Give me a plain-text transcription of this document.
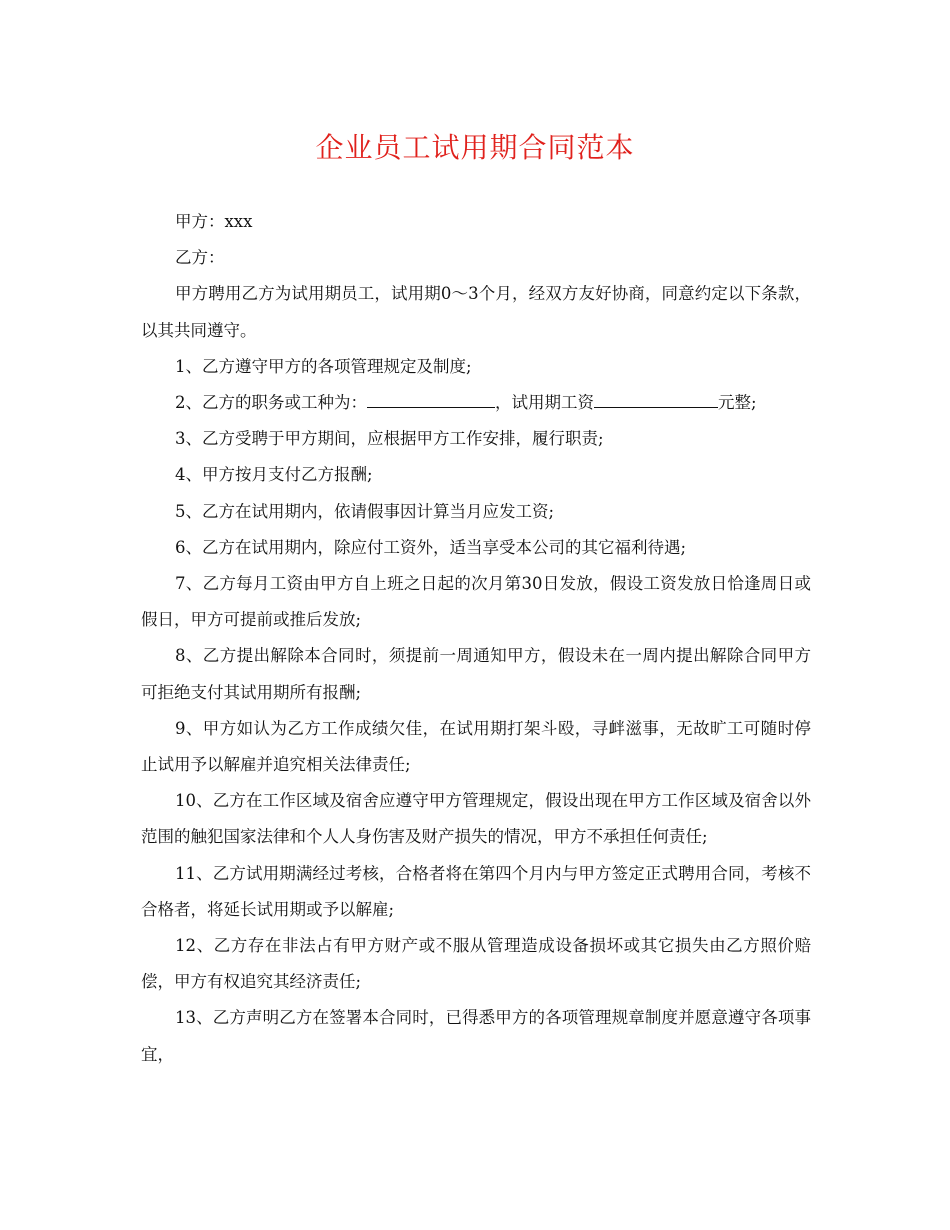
企业员工试用期合同范本

甲方：xxx

乙方：

甲方聘用乙方为试用期员工，试用期0～3个月，经双方友好协商，同意约定以下条款，以其共同遵守。

1、乙方遵守甲方的各项管理规定及制度;

2、乙方的职务或工种为：	，试用期工资	元整;

3、乙方受聘于甲方期间，应根据甲方工作安排，履行职责;

4、甲方按月支付乙方报酬;

5、乙方在试用期内，依请假事因计算当月应发工资;

6、乙方在试用期内，除应付工资外，适当享受本公司的其它福利待遇;

7、乙方每月工资由甲方自上班之日起的次月第30日发放，假设工资发放日恰逢周日或假日，甲方可提前或推后发放;

8、乙方提出解除本合同时，须提前一周通知甲方，假设未在一周内提出解除合同甲方可拒绝支付其试用期所有报酬;

9、甲方如认为乙方工作成绩欠佳，在试用期打架斗殴，寻衅滋事，无故旷工可随时停止试用予以解雇并追究相关法律责任;

10、乙方在工作区域及宿舍应遵守甲方管理规定，假设出现在甲方工作区域及宿舍以外范围的触犯国家法律和个人人身伤害及财产损失的情况，甲方不承担任何责任;

11、乙方试用期满经过考核，合格者将在第四个月内与甲方签定正式聘用合同，考核不合格者，将延长试用期或予以解雇;

12、乙方存在非法占有甲方财产或不服从管理造成设备损坏或其它损失由乙方照价赔偿，甲方有权追究其经济责任;

13、乙方声明乙方在签署本合同时，已得悉甲方的各项管理规章制度并愿意遵守各项事宜，
